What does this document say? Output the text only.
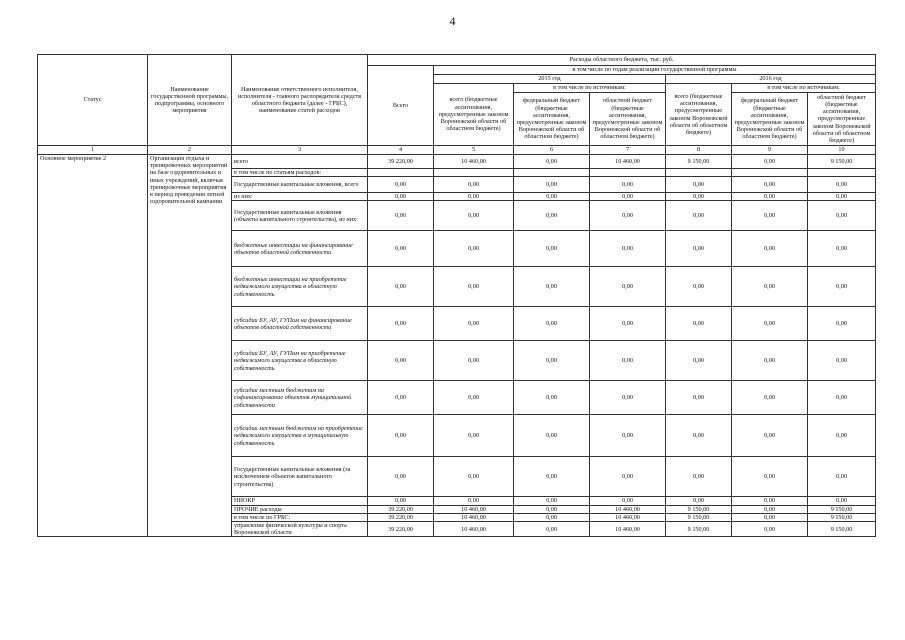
4
Статус	Наименование государственной программы, подпрограммы, основного мероприятия	Наименование ответственного исполнителя, исполнителя - главного распорядителя средств областного бюджета (далее - ГРБС), наименование статей расходов	Расходы областного бюджета, тыс. руб.						
			Всего	в том числе по годам реализации государственной программы					
				2015 год			2016 год		
				всего (бюджетные ассигнования, предусмотренные законом Воронежской области об областном бюджете)	в том числе по источникам:		всего (бюджетные ассигнования, предусмотренные законом Воронежской области об областном бюджете)	в том числе по источникам:	
					федеральный бюджет (бюджетные ассигнования, предусмотренные законом Воронежской области об областном бюджете)	областной бюджет (бюджетные ассигнования, предусмотренные законом Воронежской области об областном бюджете)		федеральный бюджет (бюджетные ассигнования, предусмотренные законом Воронежской области об областном бюджете)	областной бюджет (бюджетные ассигнования, предусмотренные законом Воронежской области об областном бюджете)
1	2	3	4	5	6	7	8	9	10
Основное мероприятие 2	Организация отдыха и тренировочных мероприятий на базе оздоровительных и иных учреждений, включая тренировочные мероприятия в период проведения летней оздоровительной кампании	всего	39 220,00	10 460,00	0,00	10 460,00	9 150,00	0,00	9 150,00
		в том числе по статьям расходов:							
		Государственные капитальные вложения, всего	0,00	0,00	0,00	0,00	0,00	0,00	0,00
		из них:	0,00	0,00	0,00	0,00	0,00	0,00	0,00
		Государственные капитальные вложения (объекты капитального строительства), из них:	0,00	0,00	0,00	0,00	0,00	0,00	0,00
		бюджетные инвестиции на финансирование объектов областной собственности	0,00	0,00	0,00	0,00	0,00	0,00	0,00
		бюджетные инвестиции на приобретение недвижимого имущества в областную собственность	0,00	0,00	0,00	0,00	0,00	0,00	0,00
		субсидии БУ, АУ, ГУПам на финансирование объектов областной собственности	0,00	0,00	0,00	0,00	0,00	0,00	0,00
		субсидии БУ, АУ, ГУПам на приобретение недвижимого имущества в областную собственность	0,00	0,00	0,00	0,00	0,00	0,00	0,00
		субсидии местным бюджетам на софинансирование объектов муниципальной собственности	0,00	0,00	0,00	0,00	0,00	0,00	0,00
		субсидии местным бюджетам на приобретение недвижимого имущества в муниципальную собственность	0,00	0,00	0,00	0,00	0,00	0,00	0,00
		Государственные капитальные вложения (за исключением объектов капитального строительства)	0,00	0,00	0,00	0,00	0,00	0,00	0,00
		НИОКР	0,00	0,00	0,00	0,00	0,00	0,00	0,00
		ПРОЧИЕ расходы	39 220,00	10 460,00	0,00	10 460,00	9 150,00	0,00	9 150,00
		в том числе по ГРБС:	39 220,00	10 460,00	0,00	10 460,00	9 150,00	0,00	9 150,00
		управление физической культуры и спорта Воронежской области	39 220,00	10 460,00	0,00	10 460,00	9 150,00	0,00	9 150,00
